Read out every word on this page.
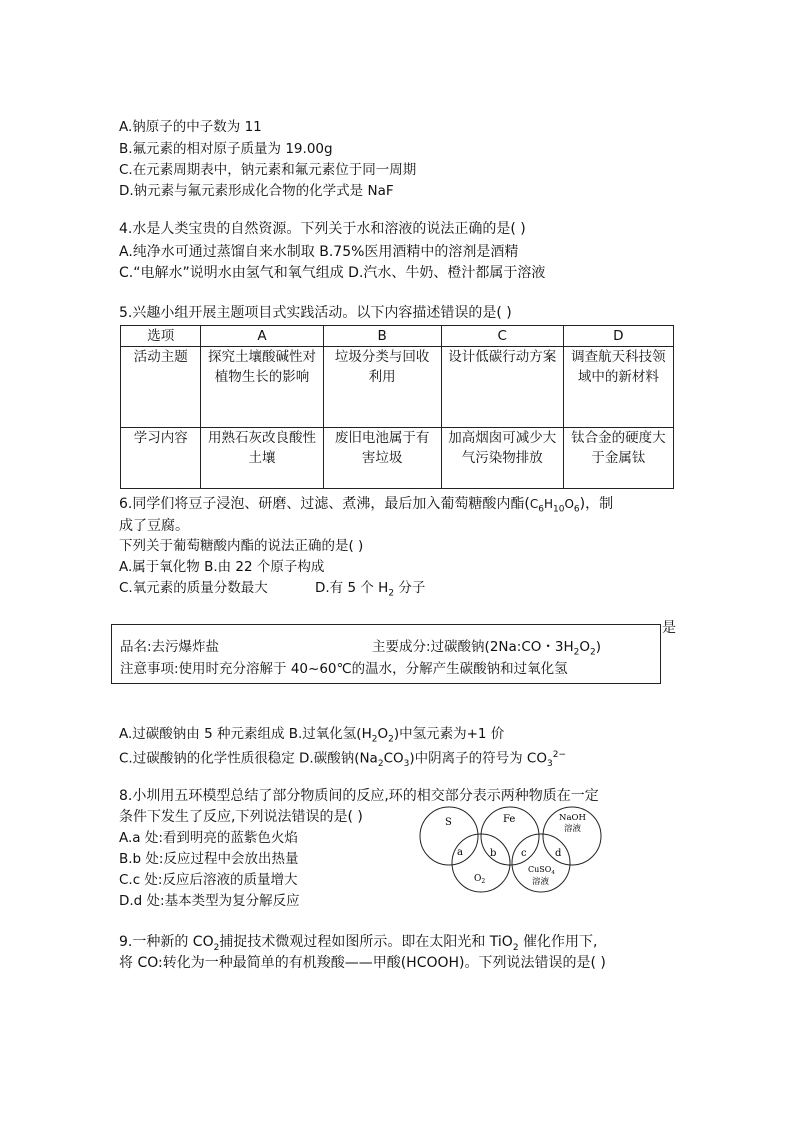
A.钠原子的中子数为 11
B.氟元素的相对原子质量为 19.00g
C.在元素周期表中，钠元素和氟元素位于同一周期
D.钠元素与氟元素形成化合物的化学式是 NaF
4.水是人类宝贵的自然资源。下列关于水和溶液的说法正确的是( )
A.纯净水可通过蒸馏自来水制取 B.75%医用酒精中的溶剂是酒精
C.“电解水”说明水由氢气和氧气组成 D.汽水、牛奶、橙汁都属于溶液
5.兴趣小组开展主题项目式实践活动。以下内容描述错误的是( )
选项	A	B	C	D
活动主题	探究土壤酸碱性对植物生长的影响	垃圾分类与回收利用	设计低碳行动方案	调查航天科技领域中的新材料
学习内容	用熟石灰改良酸性土壤	废旧电池属于有害垃圾	加高烟囱可减少大气污染物排放	钛合金的硬度大于金属钛
6.同学们将豆子浸泡、研磨、过滤、煮沸，最后加入葡萄糖酸内酯$(C_6H_{10}O_6)$，制
成了豆腐。
下列关于葡萄糖酸内酯的说法正确的是( )
A.属于氧化物 B.由 22 个原子构成
C.氧元素的质量分数最大	D.有 5 个 $H_2$ 分子
是
品名:去污爆炸盐	主要成分:过碳酸钠(2Na:CO・$3H_2O_2$)
注意事项:使用时充分溶解于 40~60℃的温水，分解产生碳酸钠和过氧化氢
A.过碳酸钠由 5 种元素组成 B.过氧化氢$(H_2O_2)$中氢元素为+1 价
C.过碳酸钠的化学性质很稳定 D.碳酸钠$(Na_2CO_3)$中阴离子的符号为 $CO_3^{2-}$
8.小圳用五环模型总结了部分物质间的反应,环的相交部分表示两种物质在一定
条件下发生了反应,下列说法错误的是( )
A.a 处:看到明亮的蓝紫色火焰
B.b 处:反应过程中会放出热量
C.c 处:反应后溶液的质量增大
D.d 处:基本类型为复分解反应
S	Fe	NaOH
溶液
$O_2$
CuSO$_4$
溶液
a	b c	d
9.一种新的 $CO_2$捕捉技术微观过程如图所示。即在太阳光和 TiO$_2$ 催化作用下,
将 CO:转化为一种最简单的有机羧酸——甲酸(HCOOH)。下列说法错误的是( )
